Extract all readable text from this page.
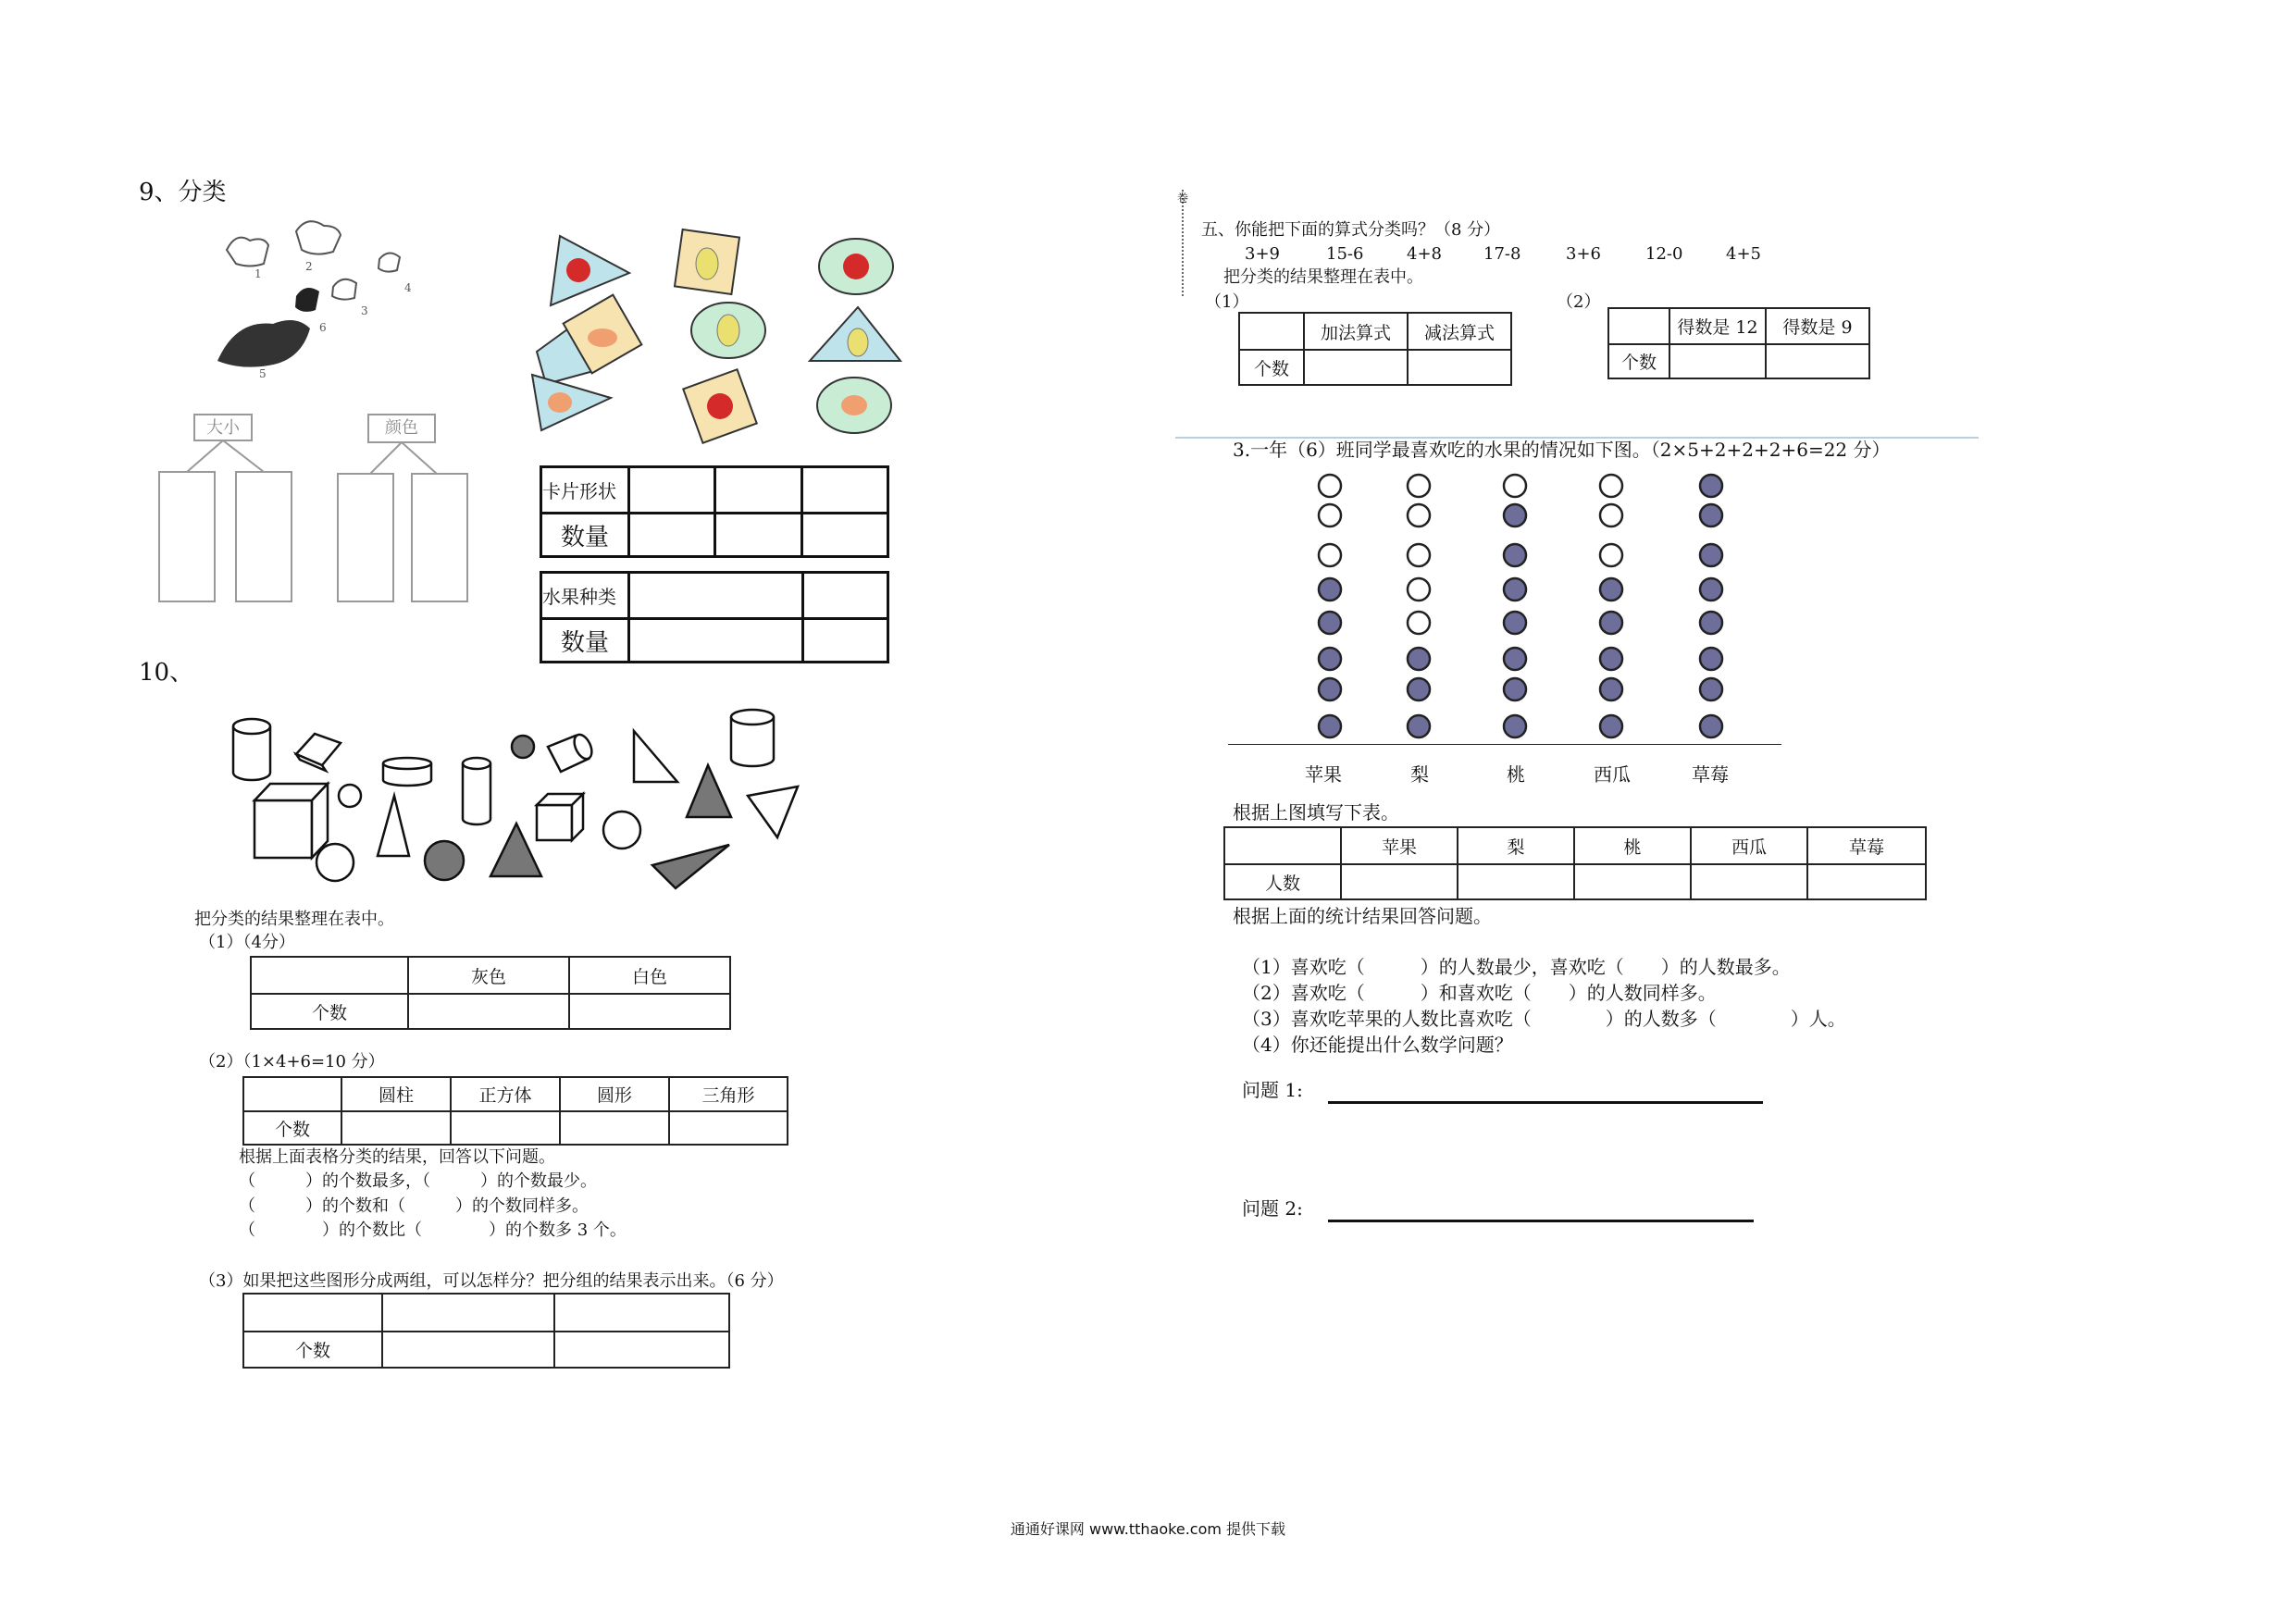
9、分类
1
2
3
4
6
5
大小	颜色
卡片形状			
数量			
水果种类		
数量		
10、
把分类的结果整理在表中。
（1）（4分）
	灰色	白色
个数		
（2）（1×4+6=10 分）
	圆柱	正方体	圆形	三角形
个数				
根据上面表格分类的结果，回答以下问题。
（　　　）的个数最多，（　　　）的个数最少。
（　　　）的个数和（　　　）的个数同样多。
（　　　　）的个数比（　　　　）的个数多 3 个。
（3）如果把这些图形分成两组，可以怎样分？把分组的结果表示出来。（6 分）

个数		
卷
五、你能把下面的算式分类吗？（8 分）
3+9	15-6	4+8	17-8	3+6	12-0	4+5
把分类的结果整理在表中。
（1）	（2）
	加法算式	减法算式
个数		
	得数是 12	得数是 9
个数		
3.一年（6）班同学最喜欢吃的水果的情况如下图。（2×5+2+2+2+6=22 分）
苹果	梨	桃	西瓜	草莓
根据上图填写下表。
	苹果	梨	桃	西瓜	草莓
人数					
根据上面的统计结果回答问题。
（1）喜欢吃（　　　）的人数最少，喜欢吃（　　）的人数最多。
（2）喜欢吃（　　　）和喜欢吃（　　）的人数同样多。
（3）喜欢吃苹果的人数比喜欢吃（　　　　）的人数多（　　　　）人。
（4）你还能提出什么数学问题？
问题 1:
问题 2:
通通好课网 www.tthaoke.com 提供下载
